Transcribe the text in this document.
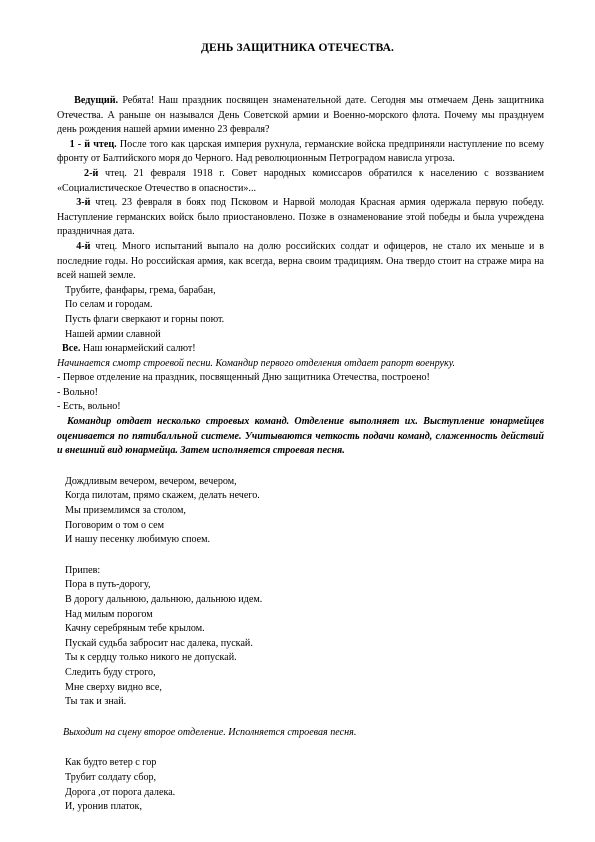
ДЕНЬ ЗАЩИТНИКА ОТЕЧЕСТВА.

Ведущий. Ребята! Наш праздник посвящен знаменательной дате. Сегодня мы отмечаем День защитника Отечества. А раньше он назывался День Советской армии и Военно-морского флота. Почему мы празднуем день рождения нашей армии именно 23 февраля?

1 - й чтец. После того как царская империя рухнула, германские войска предприняли наступление по всему фронту от Балтийского моря до Черного. Над революционным Петроградом нависла угроза.

2-й чтец. 21 февраля 1918 г. Совет народных комиссаров обратился к населению с воззванием «Социалистическое Отечество в опасности»...

3-й чтец. 23 февраля в боях под Псковом и Нарвой молодая Красная армия одержала первую победу. Наступление германских войск было приостановлено. Позже в ознаменование этой победы и была учреждена праздничная дата.

4-й чтец. Много испытаний выпало на долю российских солдат и офицеров, не стало их меньше и в последние годы. Но российская армия, как всегда, верна своим традициям. Она твердо стоит на страже мира на всей нашей земле.

Трубите, фанфары, грема, барабан,
По селам и городам.
Пусть флаги сверкают и горны поют.
Нашей армии славной

Все. Наш юнармейский салют!

Начинается смотр строевой песни. Командир первого отделения отдает рапорт военруку.

- Первое отделение на праздник, посвященный Дню защитника Отечества, построено!

- Вольно!

- Есть, вольно!

Командир отдает несколько строевых команд. Отделение выполняет их. Выступление юнармейцев оценивается по пятибалльной системе. Учитываются четкость подачи команд, слаженность действий и внешний вид юнармейца. Затем исполняется строевая песня.

Дождливым вечером, вечером, вечером,
Когда пилотам, прямо скажем, делать нечего.
Мы приземлимся за столом,
Поговорим о том о сем
И нашу песенку любимую споем.
Припев:
Пора в путь-дорогу,
В дорогу дальнюю, дальнюю, дальнюю идем.
Над милым порогом
Качну серебряным тебе крылом.
Пускай судьба забросит нас далека, пускай.
Ты к сердцу только никого не допускай.
Следить буду строго,
Мне сверху видно все,
Ты так и знай.

Выходит на сцену второе отделение. Исполняется строевая песня.

Как будто ветер с гор
Трубит солдату сбор,
Дорога ,от порога далека.
И, уронив платок,
